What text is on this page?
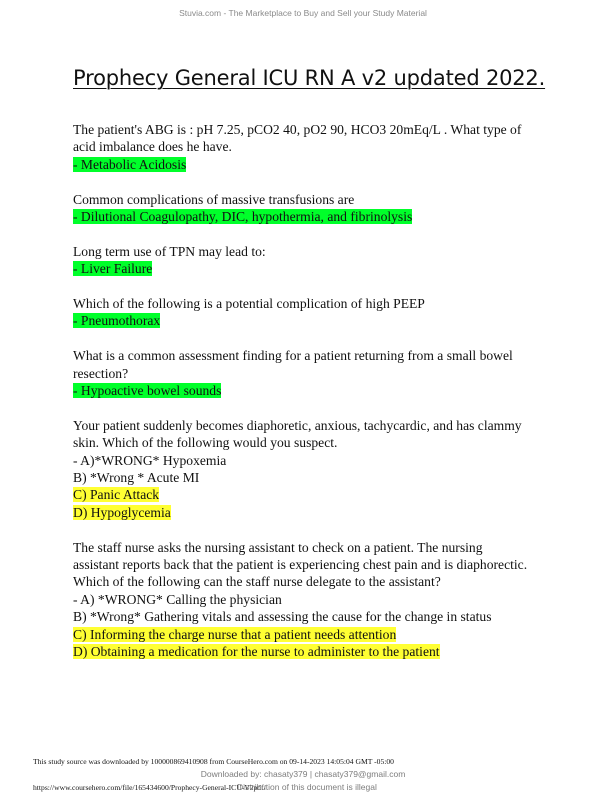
Stuvia.com - The Marketplace to Buy and Sell your Study Material
Prophecy General ICU RN A v2 updated 2022.
The patient's ABG is : pH 7.25, pCO2 40, pO2 90, HCO3 20mEq/L . What type of
acid imbalance does he have.
- Metabolic Acidosis
Common complications of massive transfusions are
- Dilutional Coagulopathy, DIC, hypothermia, and fibrinolysis
Long term use of TPN may lead to:
- Liver Failure
Which of the following is a potential complication of high PEEP
- Pneumothorax
What is a common assessment finding for a patient returning from a small bowel
resection?
- Hypoactive bowel sounds
Your patient suddenly becomes diaphoretic, anxious, tachycardic, and has clammy
skin. Which of the following would you suspect.
- A)*WRONG* Hypoxemia
B) *Wrong * Acute MI
C) Panic Attack
D) Hypoglycemia
The staff nurse asks the nursing assistant to check on a patient. The nursing
assistant reports back that the patient is experiencing chest pain and is diaphorectic.
Which of the following can the staff nurse delegate to the assistant?
- A) *WRONG* Calling the physician
B) *Wrong* Gathering vitals and assessing the cause for the change in status
C) Informing the charge nurse that a patient needs attention
D) Obtaining a medication for the nurse to administer to the patient
This study source was downloaded by 100000869410908 from CourseHero.com on 09-14-2023 14:05:04 GMT -05:00
Downloaded by: chasaty379 | chasaty379@gmail.com
https://www.coursehero.com/file/165434600/Prophecy-General-ICU-V2pdf/
Distribution of this document is illegal
